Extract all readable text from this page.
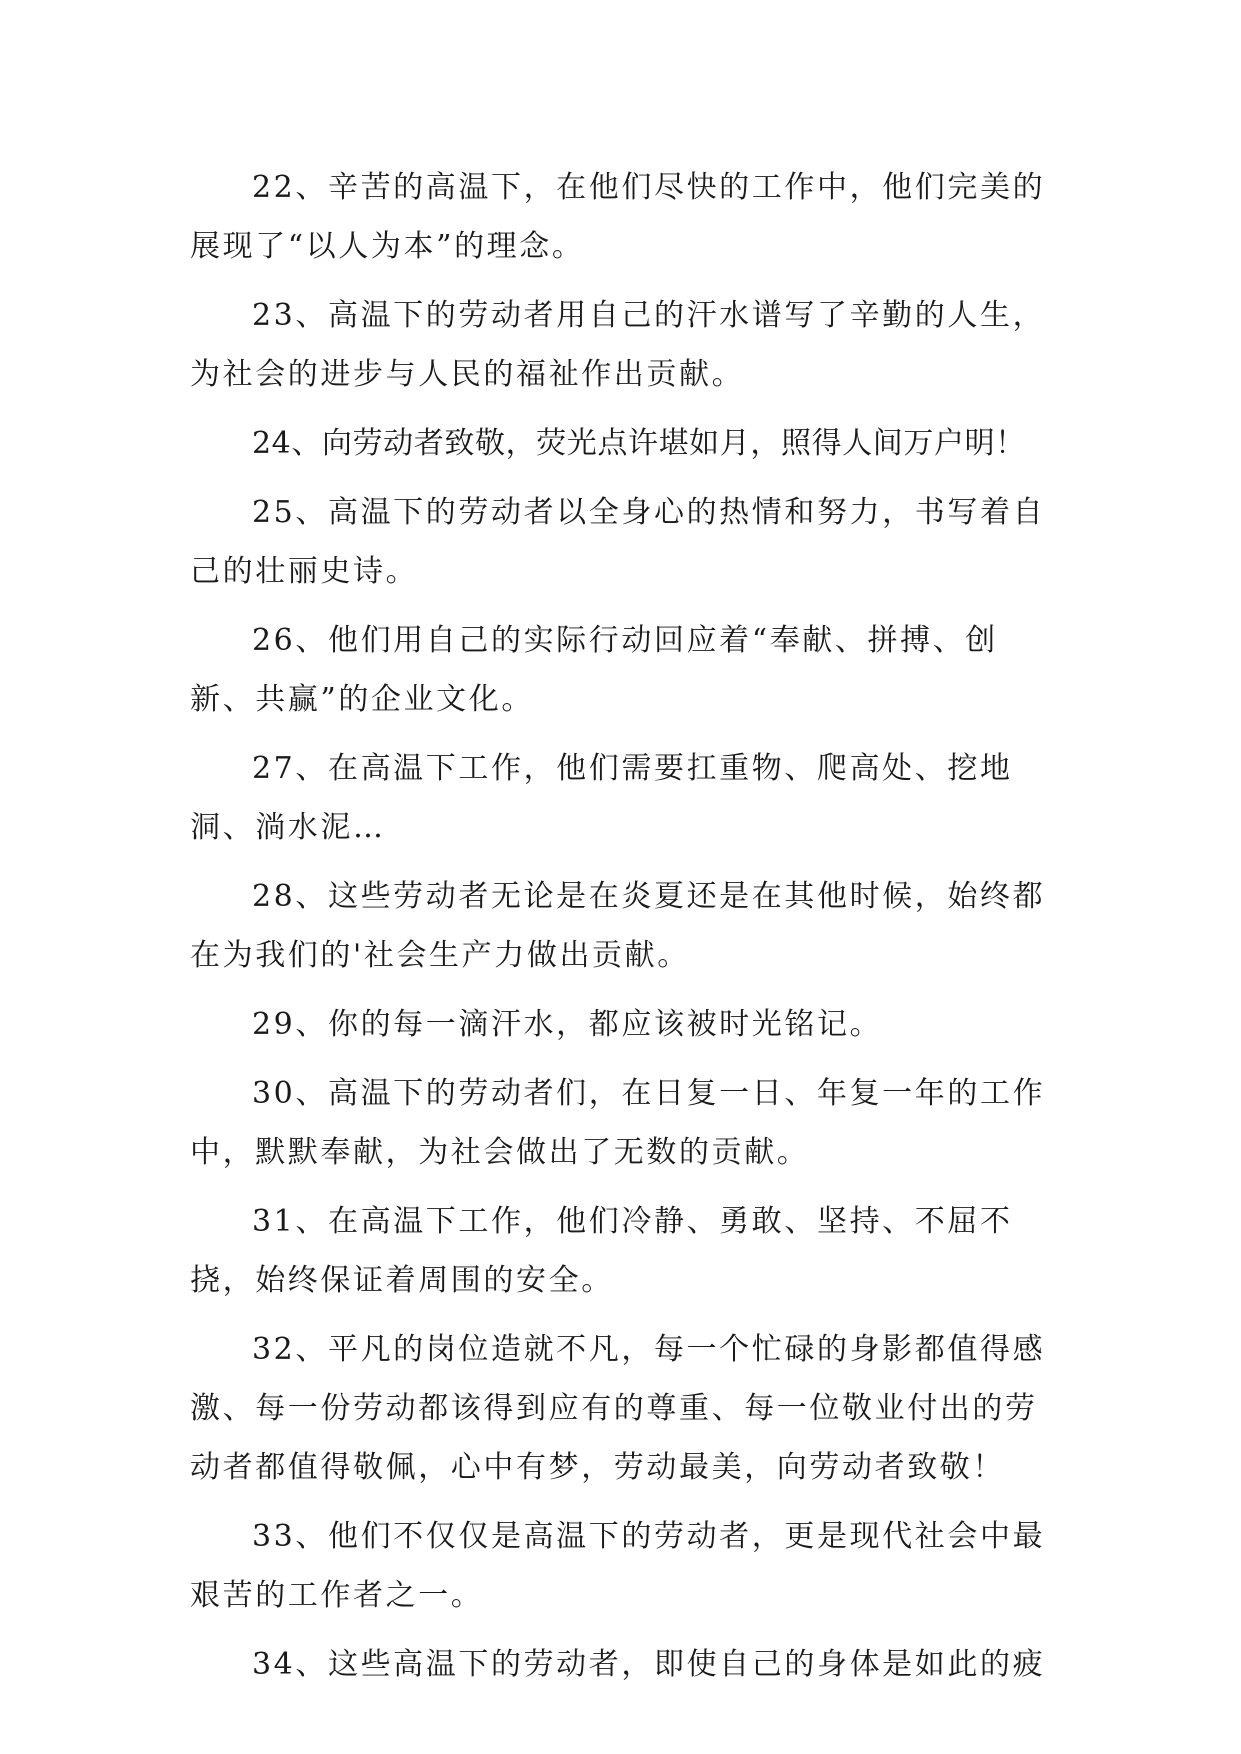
22、辛苦的高温下，在他们尽快的工作中，他们完美的展现了“以人为本”的理念。

23、高温下的劳动者用自己的汗水谱写了辛勤的人生，为社会的进步与人民的福祉作出贡献。

24、向劳动者致敬，荧光点许堪如月，照得人间万户明！

25、高温下的劳动者以全身心的热情和努力，书写着自己的壮丽史诗。

26、他们用自己的实际行动回应着“奉献、拼搏、创新、共赢”的企业文化。

27、在高温下工作，他们需要扛重物、爬高处、挖地洞、淌水泥…

28、这些劳动者无论是在炎夏还是在其他时候，始终都在为我们的'社会生产力做出贡献。

29、你的每一滴汗水，都应该被时光铭记。

30、高温下的劳动者们，在日复一日、年复一年的工作中，默默奉献，为社会做出了无数的贡献。

31、在高温下工作，他们冷静、勇敢、坚持、不屈不挠，始终保证着周围的安全。

32、平凡的岗位造就不凡，每一个忙碌的身影都值得感激、每一份劳动都该得到应有的尊重、每一位敬业付出的劳动者都值得敬佩，心中有梦，劳动最美，向劳动者致敬！

33、他们不仅仅是高温下的劳动者，更是现代社会中最艰苦的工作者之一。

34、这些高温下的劳动者，即使自己的身体是如此的疲
